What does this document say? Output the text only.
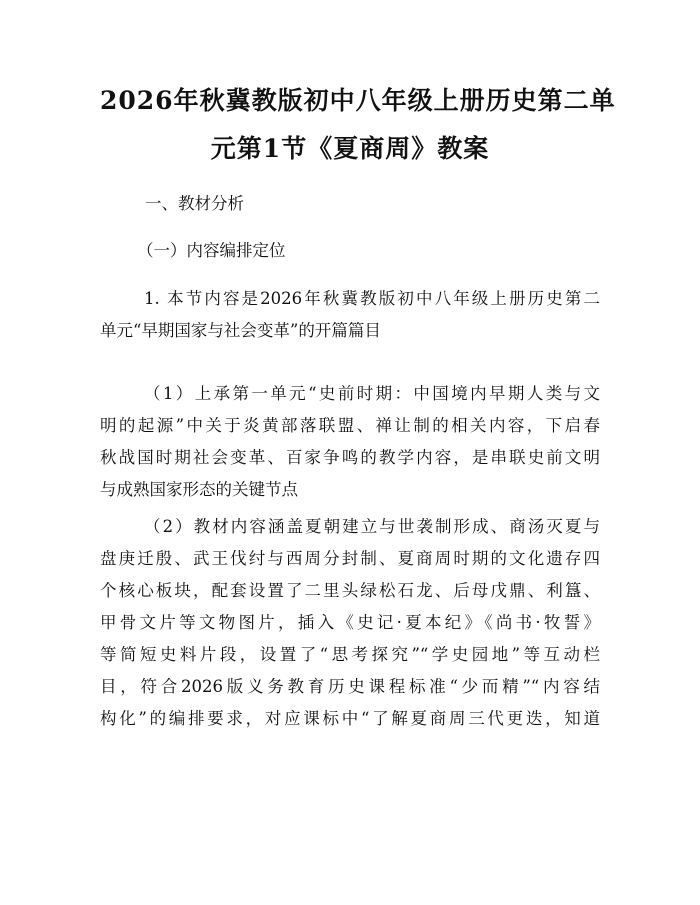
2026年秋冀教版初中八年级上册历史第二单
元第1节《夏商周》教案
一、教材分析
（一）内容编排定位
1. 本节内容是2026年秋冀教版初中八年级上册历史第二
单元“早期国家与社会变革”的开篇篇目
（1）上承第一单元“史前时期：中国境内早期人类与文
明的起源”中关于炎黄部落联盟、禅让制的相关内容，下启春
秋战国时期社会变革、百家争鸣的教学内容，是串联史前文明
与成熟国家形态的关键节点
（2）教材内容涵盖夏朝建立与世袭制形成、商汤灭夏与
盘庚迁殷、武王伐纣与西周分封制、夏商周时期的文化遗存四
个核心板块，配套设置了二里头绿松石龙、后母戊鼎、利簋、
甲骨文片等文物图片，插入《史记·夏本纪》《尚书·牧誓》
等简短史料片段，设置了“思考探究”“学史园地”等互动栏
目，符合2026版义务教育历史课程标准“少而精”“内容结
构化”的编排要求，对应课标中“了解夏商周三代更迭，知道
